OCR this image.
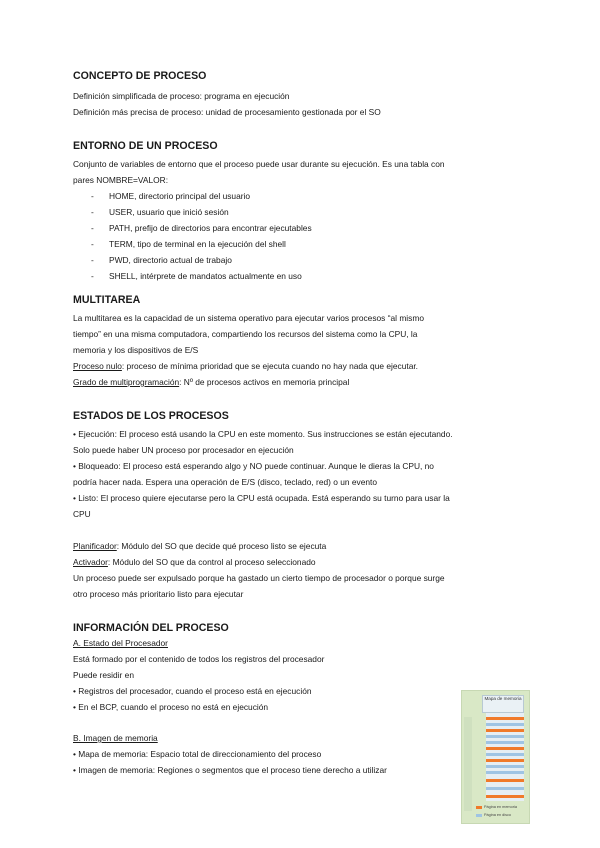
CONCEPTO DE PROCESO

Definición simplificada de proceso: programa en ejecución

Definición más precisa de proceso: unidad de procesamiento gestionada por el SO

ENTORNO DE UN PROCESO

Conjunto de variables de entorno que el proceso puede usar durante su ejecución. Es una tabla con

pares NOMBRE=VALOR:

- HOME, directorio principal del usuario

- USER, usuario que inició sesión

- PATH, prefijo de directorios para encontrar ejecutables

- TERM, tipo de terminal en la ejecución del shell

- PWD, directorio actual de trabajo

- SHELL, intérprete de mandatos actualmente en uso

MULTITAREA

La multitarea es la capacidad de un sistema operativo para ejecutar varios procesos “al mismo

tiempo” en una misma computadora, compartiendo los recursos del sistema como la CPU, la

memoria y los dispositivos de E/S

Proceso nulo: proceso de mínima prioridad que se ejecuta cuando no hay nada que ejecutar.

Grado de multiprogramación: Nº de procesos activos en memoria principal

ESTADOS DE LOS PROCESOS

• Ejecución: El proceso está usando la CPU en este momento. Sus instrucciones se están ejecutando.

Solo puede haber UN proceso por procesador en ejecución

• Bloqueado: El proceso está esperando algo y NO puede continuar. Aunque le dieras la CPU, no

podría hacer nada. Espera una operación de E/S (disco, teclado, red) o un evento

• Listo: El proceso quiere ejecutarse pero la CPU está ocupada. Está esperando su turno para usar la

CPU

Planificador: Módulo del SO que decide qué proceso listo se ejecuta

Activador: Módulo del SO que da control al proceso seleccionado

Un proceso puede ser expulsado porque ha gastado un cierto tiempo de procesador o porque surge

otro proceso más prioritario listo para ejecutar

INFORMACIÓN DEL PROCESO

A. Estado del Procesador

Está formado por el contenido de todos los registros del procesador

Puede residir en

• Registros del procesador, cuando el proceso está en ejecución

• En el BCP, cuando el proceso no está en ejecución

B. Imagen de memoria

• Mapa de memoria: Espacio total de direccionamiento del proceso

• Imagen de memoria: Regiones o segmentos que el proceso tiene derecho a utilizar

Mapa de memoria
Página en memoria
Página en disco
